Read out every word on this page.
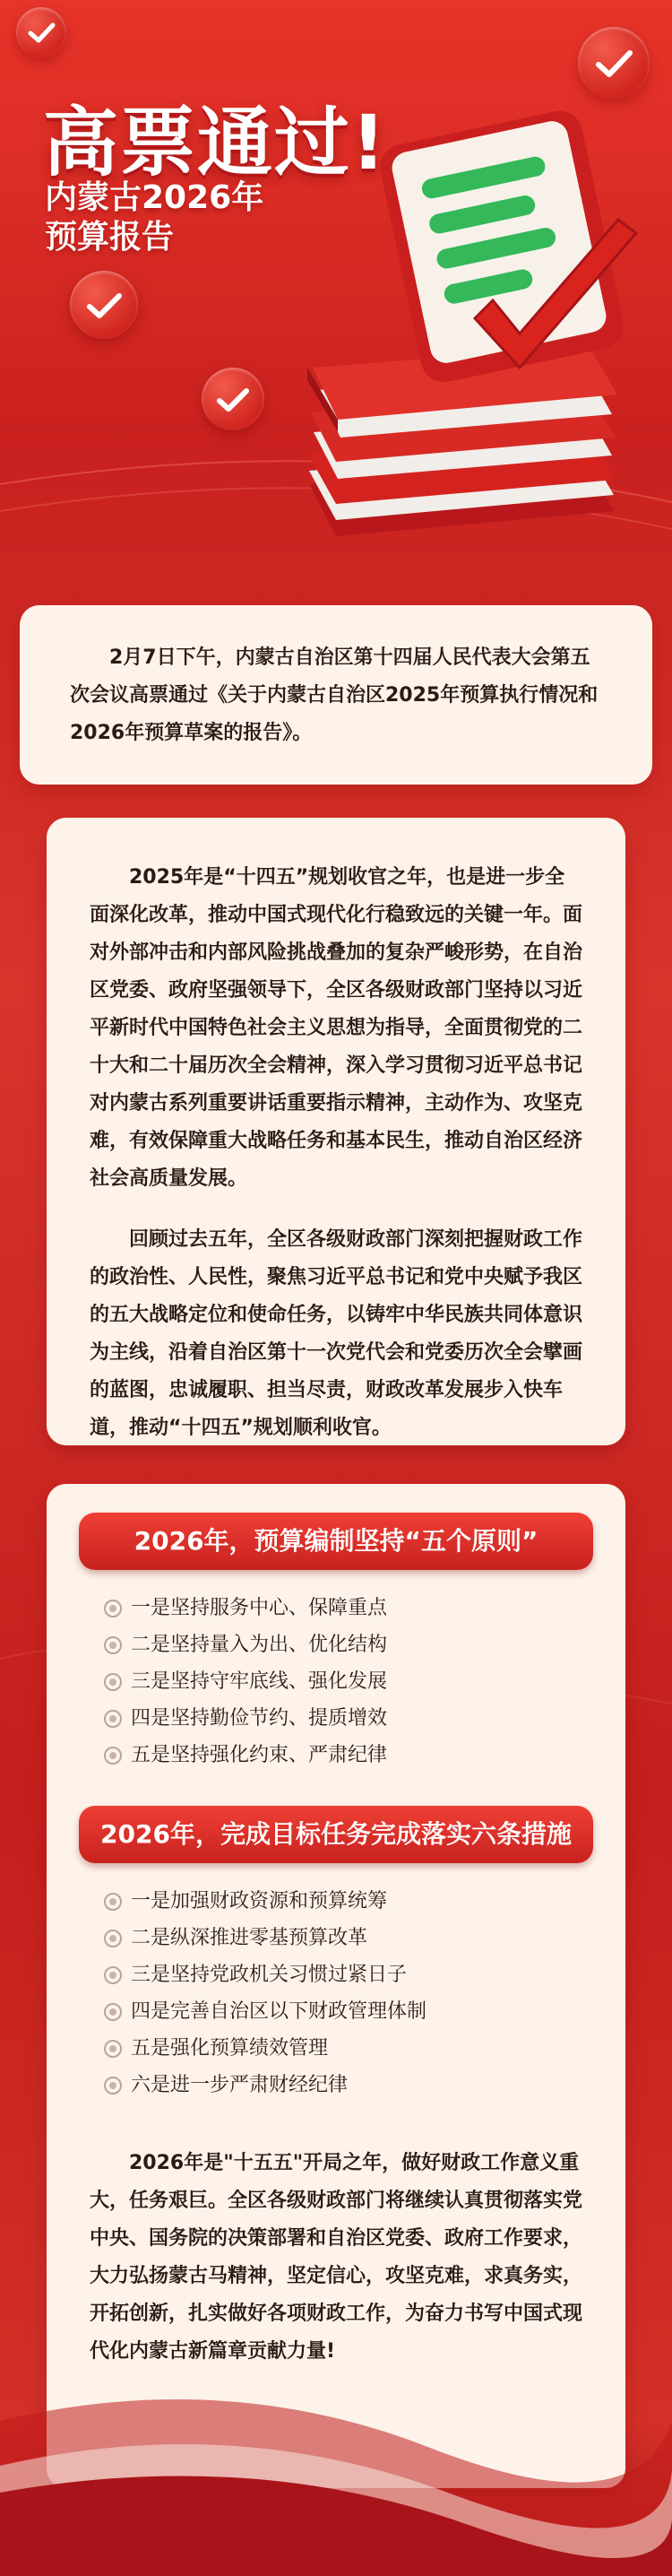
高票通过!
内蒙古2026年
预算报告

2月7日下午，内蒙古自治区第十四届人民代表大会第五次会议高票通过《关于内蒙古自治区2025年预算执行情况和2026年预算草案的报告》。

2025年是“十四五”规划收官之年，也是进一步全面深化改革，推动中国式现代化行稳致远的关键一年。面对外部冲击和内部风险挑战叠加的复杂严峻形势，在自治区党委、政府坚强领导下，全区各级财政部门坚持以习近平新时代中国特色社会主义思想为指导，全面贯彻党的二十大和二十届历次全会精神，深入学习贯彻习近平总书记对内蒙古系列重要讲话重要指示精神，主动作为、攻坚克难，有效保障重大战略任务和基本民生，推动自治区经济社会高质量发展。

回顾过去五年，全区各级财政部门深刻把握财政工作的政治性、人民性，聚焦习近平总书记和党中央赋予我区的五大战略定位和使命任务，以铸牢中华民族共同体意识为主线，沿着自治区第十一次党代会和党委历次全会擘画的蓝图，忠诚履职、担当尽责，财政改革发展步入快车道，推动“十四五”规划顺利收官。

2026年，预算编制坚持“五个原则”
一是坚持服务中心、保障重点
二是坚持量入为出、优化结构
三是坚持守牢底线、强化发展
四是坚持勤俭节约、提质增效
五是坚持强化约束、严肃纪律
2026年，完成目标任务完成落实六条措施
一是加强财政资源和预算统筹
二是纵深推进零基预算改革
三是坚持党政机关习惯过紧日子
四是完善自治区以下财政管理体制
五是强化预算绩效管理
六是进一步严肃财经纪律

2026年是"十五五"开局之年，做好财政工作意义重大，任务艰巨。全区各级财政部门将继续认真贯彻落实党中央、国务院的决策部署和自治区党委、政府工作要求，大力弘扬蒙古马精神，坚定信心，攻坚克难，求真务实，开拓创新，扎实做好各项财政工作，为奋力书写中国式现代化内蒙古新篇章贡献力量!
